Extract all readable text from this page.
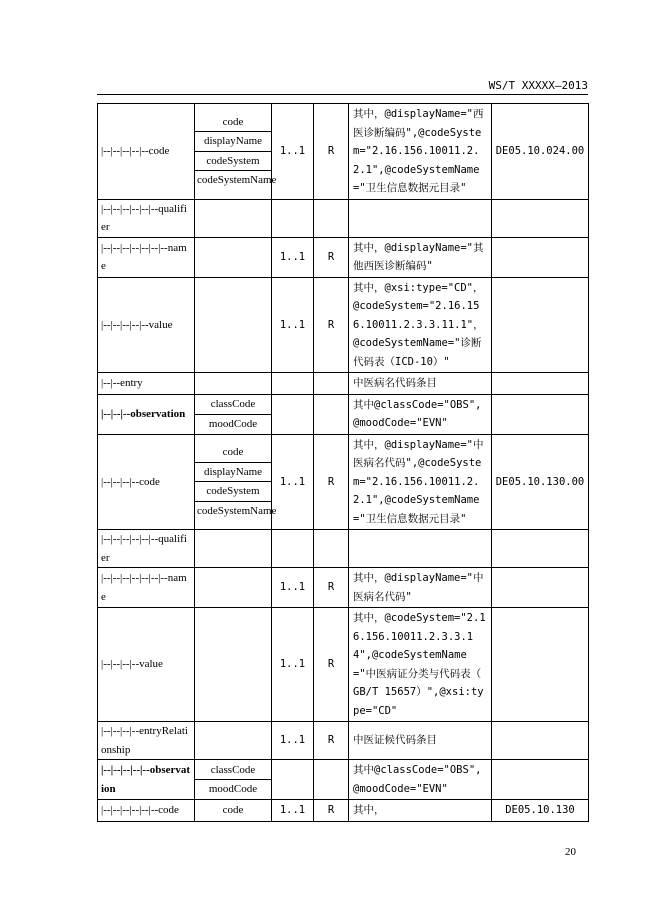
WS/T XXXXX—2013
|--|--|--|--|--code	code
displayName
codeSystem
codeSystemName	1..1	R	其中，@displayName="西医诊断编码",@codeSystem="2.16.156.10011.2.2.1",@codeSystemName="卫生信息数据元目录"	DE05.10.024.00
|--|--|--|--|--|--qualifier					
|--|--|--|--|--|--|--name		1..1	R	其中，@displayName="其他西医诊断编码"	
|--|--|--|--|--value		1..1	R	其中，@xsi:type="CD"，@codeSystem="2.16.156.10011.2.3.3.11.1"，@codeSystemName="诊断代码表（ICD-10）"	
|--|--entry				中医病名代码条目	
|--|--|--observation	classCode
moodCode			其中@classCode="OBS",@moodCode="EVN"	
|--|--|--|--code	code
displayName
codeSystem
codeSystemName	1..1	R	其中，@displayName="中医病名代码",@codeSystem="2.16.156.10011.2.2.1",@codeSystemName="卫生信息数据元目录"	DE05.10.130.00
|--|--|--|--|--|--qualifier					
|--|--|--|--|--|--|--name		1..1	R	其中，@displayName="中医病名代码"	
|--|--|--|--value		1..1	R	其中，@codeSystem="2.16.156.10011.2.3.3.14",@codeSystemName="中医病证分类与代码表（ GB/T 15657）",@xsi:type="CD"	
|--|--|--|--entryRelationship		1..1	R	中医证候代码条目	
|--|--|--|--|--observation	classCode
moodCode			其中@classCode="OBS",@moodCode="EVN"	
|--|--|--|--|--|--code	code	1..1	R	其中，	DE05.10.130
20
